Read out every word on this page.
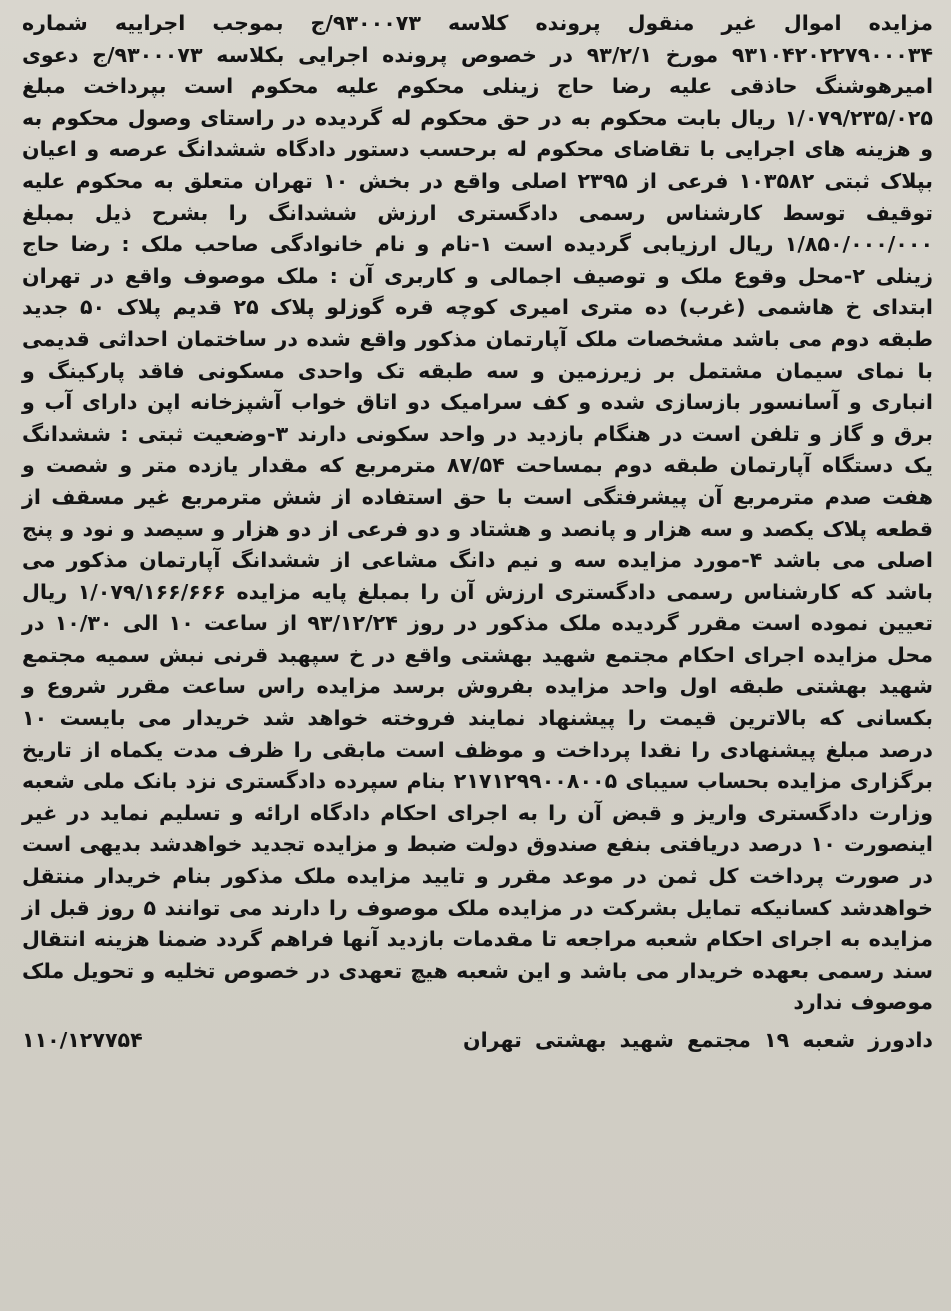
مزایده اموال غیر منقول پرونده کلاسه ۹۳۰۰۰۷۳/ج بموجب اجراییه شماره ۹۳۱۰۴۲۰۲۲۷۹۰۰۰۳۴ مورخ ۹۳/۲/۱ در خصوص پرونده اجرایی بکلاسه ۹۳۰۰۰۷۳/ج دعوی امیرهوشنگ حاذقی علیه رضا حاج زینلی محکوم علیه محکوم است بپرداخت مبلغ ۱/۰۷۹/۲۳۵/۰۲۵ ریال بابت محکوم به در حق محکوم له گردیده در راستای وصول محکوم به و هزینه های اجرایی با تقاضای محکوم له برحسب دستور دادگاه ششدانگ عرصه و اعیان بپلاک ثبتی ۱۰۳۵۸۲ فرعی از ۲۳۹۵ اصلی واقع در بخش ۱۰ تهران متعلق به محکوم علیه توقیف توسط کارشناس رسمی دادگستری ارزش ششدانگ را بشرح ذیل بمبلغ ۱/۸۵۰/۰۰۰/۰۰۰ ریال ارزیابی گردیده است ۱-نام و نام خانوادگی صاحب ملک : رضا حاج زینلی ۲-محل وقوع ملک و توصیف اجمالی و کاربری آن : ملک موصوف واقع در تهران ابتدای خ هاشمی (غرب) ده متری امیری کوچه قره گوزلو پلاک ۲۵ قدیم پلاک ۵۰ جدید طبقه دوم می باشد مشخصات ملک آپارتمان مذکور واقع شده در ساختمان احداثی قدیمی با نمای سیمان مشتمل بر زیرزمین و سه طبقه تک واحدی مسکونی فاقد پارکینگ و انباری و آسانسور بازسازی شده و کف سرامیک دو اتاق خواب آشپزخانه اپن دارای آب و برق و گاز و تلفن است در هنگام بازدید در واحد سکونی دارند ۳-وضعیت ثبتی : ششدانگ یک دستگاه آپارتمان طبقه دوم بمساحت ۸۷/۵۴ مترمربع که مقدار یازده متر و شصت و هفت صدم مترمربع آن پیشرفتگی است با حق استفاده از شش مترمربع غیر مسقف از قطعه پلاک یکصد و سه هزار و پانصد و هشتاد و دو فرعی از دو هزار و سیصد و نود و پنج اصلی می باشد ۴-مورد مزایده سه و نیم دانگ مشاعی از ششدانگ آپارتمان مذکور می باشد که کارشناس رسمی دادگستری ارزش آن را بمبلغ پایه مزایده ۱/۰۷۹/۱۶۶/۶۶۶ ریال تعیین نموده است مقرر گردیده ملک مذکور در روز ۹۳/۱۲/۲۴ از ساعت ۱۰ الی ۱۰/۳۰ در محل مزایده اجرای احکام مجتمع شهید بهشتی واقع در خ سپهبد قرنی نبش سمیه مجتمع شهید بهشتی طبقه اول واحد مزایده بفروش برسد مزایده راس ساعت مقرر شروع و بکسانی که بالاترین قیمت را پیشنهاد نمایند فروخته خواهد شد خریدار می بایست ۱۰ درصد مبلغ پیشنهادی را نقدا پرداخت و موظف است مابقی را ظرف مدت یکماه از تاریخ برگزاری مزایده بحساب سیبای ۲۱۷۱۲۹۹۰۰۸۰۰۵ بنام سپرده دادگستری نزد بانک ملی شعبه وزارت دادگستری واریز و قبض آن را به اجرای احکام دادگاه ارائه و تسلیم نماید در غیر اینصورت ۱۰ درصد دریافتی بنفع صندوق دولت ضبط و مزایده تجدید خواهدشد بدیهی است در صورت پرداخت کل ثمن در موعد مقرر و تایید مزایده ملک مذکور بنام خریدار منتقل خواهدشد کسانیکه تمایل بشرکت در مزایده ملک موصوف را دارند می توانند ۵ روز قبل از مزایده به اجرای احکام شعبه مراجعه تا مقدمات بازدید آنها فراهم گردد ضمنا هزینه انتقال سند رسمی بعهده خریدار می باشد و این شعبه هیچ تعهدی در خصوص تخلیه و تحویل ملک موصوف ندارد

دادورز شعبه ۱۹ مجتمع شهید بهشتی تهران
۱۱۰/۱۲۷۷۵۴
